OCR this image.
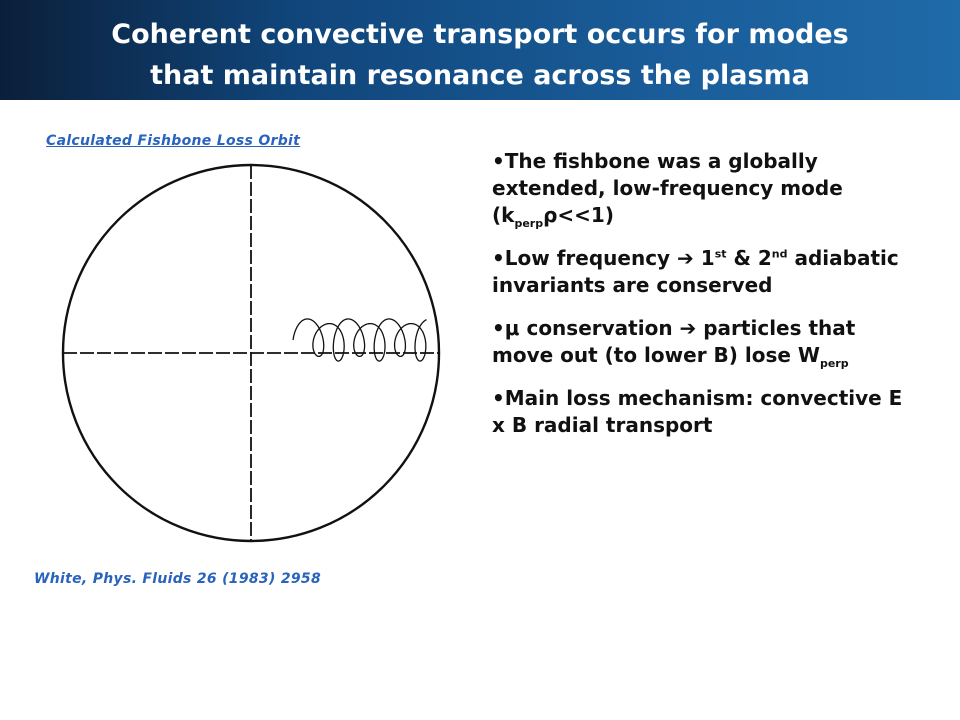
Coherent convective transport occurs for modes
that maintain resonance across the plasma
Calculated Fishbone Loss Orbit
White, Phys. Fluids 26 (1983) 2958
•The fishbone was a globally extended, low-frequency mode $(k_{perp}\rho<<1)$
•Low frequency ➔ 1st & 2nd adiabatic invariants are conserved
•μ conservation ➔ particles that move out (to lower B) lose $W_{perp}$
•Main loss mechanism: convective E x B radial transport
